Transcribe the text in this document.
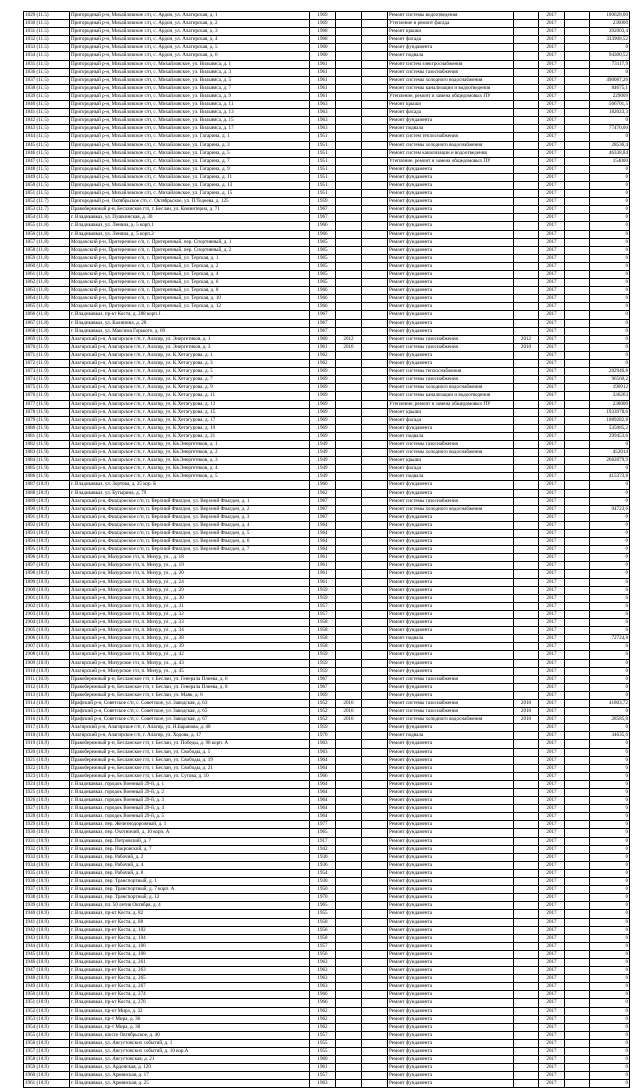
1829 (11.5)	Пригородный р-н, Михайловское с/п, с. Ардон, ул. Алагирская, д. 1	1969			Ремонт системы водоотведения		2017		100628,00
1830 (11.5)	Пригородный р-н, Михайловское с/п, с. Ардон, ул. Алагирская, д. 2	1969			Утепление и ремонт фасада		2017		230000
1831 (11.5)	Пригородный р-н, Михайловское с/п, с. Ардон, ул. Алагирская, д. 3	1968			Ремонт крыши		2017		392003,4
1832 (11.5)	Пригородный р-н, Михайловское с/п, с. Ардон, ул. Алагирская, д. 4	1968			Ремонт фасада		2017		333908,52
1833 (11.5)	Пригородный р-н, Михайловское с/п, с. Ардон, ул. Алагирская, д. 5	1960			Ремонт фундамента		2017		0
1834 (11.5)	Пригородный р-н, Михайловское с/п, с. Ардон, ул. Алагирская, д. 6	1960			Ремонт подвала		2017		94300,52
1835 (11.5)	Пригородный р-н, Михайловское с/п, с. Михайловское, ул. Вильямса, д. 1	1961			Ремонт систем электроснабжения		2017		73117,9
1836 (11.5)	Пригородный р-н, Михайловское с/п, с. Михайловское, ул. Вильямса, д. 3	1961			Ремонт системы газоснабжения		2017		0
1837 (11.5)	Пригородный р-н, Михайловское с/п, с. Михайловское, ул. Вильямса, д. 5	1961			Ремонт системы холодного водоснабжения		2017		490087,26
1838 (11.5)	Пригородный р-н, Михайловское с/п, с. Михайловское, ул. Вильямса, д. 7	1961			Ремонт системы канализации и водоотведения		2017		84675,1
1839 (11.5)	Пригородный р-н, Михайловское с/п, с. Михайловское, ул. Вильямса, д. 9	1961			Утепление, ремонт и замена общедомовых ПУ		2017		229009
1840 (11.5)	Пригородный р-н, Михайловское с/п, с. Михайловское, ул. Вильямса, д. 11	1963			Ремонт крыши		2017		566701,5
1841 (11.5)	Пригородный р-н, Михайловское с/п, с. Михайловское, ул. Вильямса, д. 13	1963			Ремонт фасада		2017		182023,3
1842 (11.5)	Пригородный р-н, Михайловское с/п, с. Михайловское, ул. Вильямса, д. 15	1963			Ремонт фундамента		2017		0
1843 (11.5)	Пригородный р-н, Михайловское с/п, с. Михайловское, ул. Вильямса, д. 17	1963			Ремонт подвала		2017		77470,00
1844 (11.5)	Пригородный р-н, Михайловское с/п, с. Михайловское, ул. Гагарина, д. 1	1951			Ремонт систем теплоснабжения		2017		0
1845 (11.5)	Пригородный р-н, Михайловское с/п, с. Михайловское, ул. Гагарина, д. 3	1951			Ремонт системы холодного водоснабжения		2017		28536,4
1846 (11.5)	Пригородный р-н, Михайловское с/п, с. Михайловское, ул. Гагарина, д. 5	1951			Ремонт систем канализации и водоотведения		2017		46338,84
1847 (11.5)	Пригородный р-н, Михайловское с/п, с. Михайловское, ул. Гагарина, д. 7	1951			Утепление, ремонт и замена общедомовых ПУ		2017		154000
1848 (11.5)	Пригородный р-н, Михайловское с/п, с. Михайловское, ул. Гагарина, д. 9	1951			Ремонт фундамента		2017		0
1849 (11.5)	Пригородный р-н, Михайловское с/п, с. Михайловское, ул. Гагарина, д. 11	1951			Ремонт фундамента		2017		0
1850 (11.5)	Пригородный р-н, Михайловское с/п, с. Михайловское, ул. Гагарина, д. 13	1951			Ремонт фундамента		2017		0
1851 (11.5)	Пригородный р-н, Михайловское с/п, с. Михайловское, ул. Гагарина, д. 15	1951			Ремонт фундамента		2017		0
1852 (11.7)	Пригородный р-н, Октябрьское с/п, с. Октябрьское, ул. П.Тедеева, д. 125	1959			Ремонт фундамента		2017		0
1853 (11.7)	Правобережный р-н, Бесланское г/п, г. Беслан, ул. Коминтерна, д. 71	1967			Ремонт фундамента		2017		0
1854 (11.8)	г. Владикавказ, ул. Пушкинская, д. 30	1967			Ремонт фундамента		2017		0
1855 (11.8)	г. Владикавказ, ул. Ленина, д. 5 корп.1	1966			Ремонт фундамента		2017		0
1856 (11.8)	г. Владикавказ, ул. Ленина, д. 5 корп.2	1966			Ремонт фундамента		2017		0
1857 (11.8)	Моздокский р-н, Притеречное с/п, с. Притеречный, пер. Спортивный, д. 1	1965			Ремонт фундамента		2017		0
1858 (11.8)	Моздокский р-н, Притеречное с/п, с. Притеречный, пер. Спортивный, д. 2	1965			Ремонт фундамента		2017		0
1859 (11.8)	Моздокский р-н, Притеречное с/п, с. Притеречный, ул. Терская, д. 1	1965			Ремонт фундамента		2017		0
1860 (11.8)	Моздокский р-н, Притеречное с/п, с. Притеречный, ул. Терская, д. 2	1965			Ремонт фундамента		2017		0
1861 (11.8)	Моздокский р-н, Притеречное с/п, с. Притеречный, ул. Терская, д. 4	1965			Ремонт фундамента		2017		0
1862 (11.8)	Моздокский р-н, Притеречное с/п, с. Притеречный, ул. Терская, д. 6	1965			Ремонт фундамента		2017		0
1863 (11.8)	Моздокский р-н, Притеречное с/п, с. Притеречный, ул. Терская, д. 8	1966			Ремонт фундамента		2017		0
1864 (11.8)	Моздокский р-н, Притеречное с/п, с. Притеречный, ул. Терская, д. 10	1966			Ремонт фундамента		2017		0
1865 (11.8)	Моздокский р-н, Притеречное с/п, с. Притеречный, ул. Терская, д. 12	1966			Ремонт фундамента		2017		0
1866 (11.8)	г. Владикавказ, пр-кт Коста, д. 288 корп.1	1967			Ремонт фундамента		2017		0
1867 (11.8)	г. Владикавказ, ул. Калинина, д. 28	1967			Ремонт фундамента		2017		0
1868 (11.8)	г. Владикавказ, ул. Максима Горького, д. 69	1967			Ремонт фундамента		2017		0
1869 (11.9)	Алагирский р-н, Алагирское г/п, г. Алагир, ул. Энергетиков, д. 1	1960	2012		Ремонт системы газоснабжения	2012	2017		0
1870 (11.9)	Алагирский р-н, Алагирское г/п, г. Алагир, ул. Энергетиков, д. 3	1961	2010		Ремонт системы газоснабжения	2010	2017		0
1871 (11.9)	Алагирский р-н, Алагирское г/п, г. Алагир, ул. К.Хетагурова, д. 1	1962			Ремонт фундамента		2017		0
1872 (11.9)	Алагирский р-н, Алагирское г/п, г. Алагир, ул. К.Хетагурова, д. 3	1962			Ремонт фундамента		2017		0
1873 (11.9)	Алагирский р-н, Алагирское г/п, г. Алагир, ул. К.Хетагурова, д. 5	1969			Ремонт системы теплоснабжения		2017		282946,8
1874 (11.9)	Алагирский р-н, Алагирское г/п, г. Алагир, ул. К.Хетагурова, д. 7	1969			Ремонт системы газоснабжения		2017		96560,2
1875 (11.9)	Алагирский р-н, Алагирское г/п, г. Алагир, ул. К.Хетагурова, д. 9	1969			Ремонт системы холодного водоснабжения		2017		190912
1876 (11.9)	Алагирский р-н, Алагирское г/п, г. Алагир, ул. К.Хетагурова, д. 11	1969			Ремонт системы канализации и водоотведения		2017		336263
1877 (11.9)	Алагирский р-н, Алагирское г/п, г. Алагир, ул. К.Хетагурова, д. 13	1969			Утепление, ремонт и замена общедомовых ПУ		2017		238000
1878 (11.9)	Алагирский р-н, Алагирское г/п, г. Алагир, ул. К.Хетагурова, д. 15	1969			Ремонт крыши		2017		1933978,6
1879 (11.9)	Алагирский р-н, Алагирское г/п, г. Алагир, ул. К.Хетагурова, д. 17	1969			Ремонт фасада		2017		1089282,8
1880 (11.9)	Алагирский р-н, Алагирское г/п, г. Алагир, ул. К.Хетагурова, д. 19	1969			Ремонт фундамента		2017		535085,2
1881 (11.9)	Алагирский р-н, Алагирское г/п, г. Алагир, ул. К.Хетагурова, д. 21	1969			Ремонт подвала		2017		299453,6
1882 (11.9)	Алагирский р-н, Алагирское г/п, г. Алагир, ул. Кв.Энергетиков, д. 1	1949			Ремонт системы газоснабжения		2017		0
1883 (11.9)	Алагирский р-н, Алагирское г/п, г. Алагир, ул. Кв.Энергетиков, д. 2	1949			Ремонт системы холодного водоснабжения		2017		452014
1884 (11.9)	Алагирский р-н, Алагирское г/п, г. Алагир, ул. Кв.Энергетиков, д. 3	1949			Ремонт крыши		2017		2682879,9
1885 (11.9)	Алагирский р-н, Алагирское г/п, г. Алагир, ул. Кв.Энергетиков, д. 4	1949			Ремонт фасада		2017		0
1886 (11.9)	Алагирский р-н, Алагирское г/п, г. Алагир, ул. Кв.Энергетиков, д. 5	1949			Ремонт подвала		2017		415373,8
1887 (10.9)	г. Владикавказ, ул. Зортова, д. 25 кор. Б	1966			Ремонт фундамента		2017		0
1888 (10.9)	г. Владикавказ, ул. Бутырина, д. 79	1962			Ремонт фундамента		2017		0
1889 (10.9)	Алагирский р-н, Фиагдонское с/п, п. Верхний Фиагдон, ул. Верхний Фиагдон, д. 1	1967			Ремонт системы газоснабжения		2017		0
1890 (10.9)	Алагирский р-н, Фиагдонское с/п, п. Верхний Фиагдон, ул. Верхний Фиагдон, д. 2	1967			Ремонт системы холодного водоснабжения		2017		94723,6
1891 (10.9)	Алагирский р-н, Фиагдонское с/п, п. Верхний Фиагдон, ул. Верхний Фиагдон, д. 3	1967			Ремонт фундамента		2017		0
1892 (10.9)	Алагирский р-н, Фиагдонское с/п, п. Верхний Фиагдон, ул. Верхний Фиагдон, д. 4	1964			Ремонт фундамента		2017		0
1893 (10.9)	Алагирский р-н, Фиагдонское с/п, п. Верхний Фиагдон, ул. Верхний Фиагдон, д. 5	1964			Ремонт фундамента		2017		0
1894 (10.9)	Алагирский р-н, Фиагдонское с/п, п. Верхний Фиагдон, ул. Верхний Фиагдон, д. 6	1964			Ремонт фундамента		2017		0
1895 (10.9)	Алагирский р-н, Фиагдонское с/п, п. Верхний Фиагдон, ул. Верхний Фиагдон, д. 7	1964			Ремонт фундамента		2017		0
1896 (10.9)	Алагирский р-н, Мизурское г/п, п. Мизур, ул. , д. 18	1961			Ремонт фундамента		2017		0
1897 (10.9)	Алагирский р-н, Мизурское г/п, п. Мизур, ул. , д. 19	1961			Ремонт фундамента		2017		0
1898 (10.9)	Алагирский р-н, Мизурское г/п, п. Мизур, ул. , д. 20	1961			Ремонт фундамента		2017		0
1899 (10.9)	Алагирский р-н, Мизурское г/п, п. Мизур, ул. , д. 24	1961			Ремонт фундамента		2017		0
1900 (10.9)	Алагирский р-н, Мизурское г/п, п. Мизур, ул. , д. 29	1959			Ремонт фундамента		2017		0
1901 (10.9)	Алагирский р-н, Мизурское г/п, п. Мизур, ул. , д. 30	1959			Ремонт фундамента		2017		0
1902 (10.9)	Алагирский р-н, Мизурское г/п, п. Мизур, ул. , д. 31	1957			Ремонт фундамента		2017		0
1903 (10.9)	Алагирский р-н, Мизурское г/п, п. Мизур, ул. , д. 32	1957			Ремонт фундамента		2017		0
1904 (10.9)	Алагирский р-н, Мизурское г/п, п. Мизур, ул. , д. 33	1958			Ремонт фундамента		2017		0
1905 (10.9)	Алагирский р-н, Мизурское г/п, п. Мизур, ул. , д. 34	1958			Ремонт фундамента		2017		0
1906 (10.9)	Алагирский р-н, Мизурское г/п, п. Мизур, ул. , д. 38	1958			Ремонт подвала		2017		72724,8
1907 (10.9)	Алагирский р-н, Мизурское г/п, п. Мизур, ул. , д. 39	1958			Ремонт фундамента		2017		0
1908 (10.9)	Алагирский р-н, Мизурское г/п, п. Мизур, ул. , д. 42	1959			Ремонт фундамента		2017		0
1909 (10.9)	Алагирский р-н, Мизурское г/п, п. Мизур, ул. , д. 43	1959			Ремонт фундамента		2017		0
1910 (10.9)	Алагирский р-н, Мизурское г/п, п. Мизур, ул. , д. 45	1959			Ремонт фундамента		2017		0
1911 (10.9)	Правобережный р-н, Бесланское г/п, г. Беслан, ул. Генерала Плиева, д. 6	1967			Ремонт системы газоснабжения		2017		0
1912 (10.9)	Правобережный р-н, Бесланское г/п, г. Беслан, ул. Генерала Плиева, д. 8	1967			Ремонт фундамента		2017		0
1913 (10.9)	Правобережный р-н, Бесланское г/п, г. Беслан, ул. Маяк, д. 6	1969			Ремонт фундамента		2017		0
1914 (10.9)	Ирафский р-н, Советское с/п, с. Советское, ул. Заводская, д. 63	1952	2010		Ремонт системы газоснабжения	2010	2017		41803,72
1915 (10.9)	Ирафский р-н, Советское с/п, с. Советское, ул. Заводская, д. 65	1952	2010		Ремонт системы газоснабжения	2010	2017		0
1916 (10.9)	Ирафский р-н, Советское с/п, с. Советское, ул. Заводская, д. 67	1952	2010		Ремонт системы холодного водоснабжения	2010	2017		28585,8
1917 (10.9)	Алагирский р-н, Алагирское г/п, г. Алагир, ул. Н.Баранова, д. 48	1959			Ремонт фундамента		2017		0
1918 (10.9)	Алагирский р-н, Алагирское г/п, г. Алагир, ул. Ходова, д. 17	1970			Ремонт подвала		2017		34635,6
1919 (10.9)	Правобережный р-н, Бесланское г/п, г. Беслан, ул. Победы, д. 98 корп. А	1963			Ремонт фундамента		2017		0
1920 (10.9)	Правобережный р-н, Бесланское г/п, г. Беслан, ул. Свободы, д. 5	1963			Ремонт фундамента		2017		0
1921 (10.9)	Правобережный р-н, Бесланское г/п, г. Беслан, ул. Свободы, д. 19	1964			Ремонт фундамента		2017		0
1922 (10.9)	Правобережный р-н, Бесланское г/п, г. Беслан, ул. Свободы, д. 21	1964			Ремонт фундамента		2017		0
1923 (10.9)	Правобережный р-н, Бесланское г/п, г. Беслан, ул. Сутова, д. 10	1966			Ремонт фундамента		2017		0
1924 (10.9)	г. Владикавказ, городок Военный 29-й, д. 1	1964			Ремонт фундамента		2017		0
1925 (10.9)	г. Владикавказ, городок Военный 29-й, д. 2	1964			Ремонт фундамента		2017		0
1926 (10.9)	г. Владикавказ, городок Военный 29-й, д. 3	1964			Ремонт фундамента		2017		0
1927 (10.9)	г. Владикавказ, городок Военный 29-й, д. 4	1964			Ремонт фундамента		2017		0
1928 (10.9)	г. Владикавказ, городок Военный 29-й, д. 5	1964			Ремонт фундамента		2017		0
1929 (10.9)	г. Владикавказ, пер. Железнодорожный, д. 1	1977			Ремонт фундамента		2017		0
1930 (10.9)	г. Владикавказ, пер. Охотничий, д. 10 корп. А	1965			Ремонт фундамента		2017		0
1931 (10.9)	г. Владикавказ, пер. Петровский, д. 7	1917			Ремонт фундамента		2017		0
1932 (10.9)	г. Владикавказ, пер. Покровский, д. 7	1942			Ремонт фундамента		2017		0
1933 (10.9)	г. Владикавказ, пер. Рабочий, д. 2	1930			Ремонт фундамента		2017		0
1934 (10.9)	г. Владикавказ, пер. Рабочий, д. 4	1936			Ремонт фундамента		2017		0
1935 (10.9)	г. Владикавказ, пер. Рабочий, д. 8	1954			Ремонт фундамента		2017		0
1936 (10.9)	г. Владикавказ, пер. Транспортный, д. 1	1930			Ремонт фундамента		2017		0
1937 (10.9)	г. Владикавказ, пер. Транспортный, д. 7 корп. А	1950			Ремонт фундамента		2017		0
1938 (10.9)	г. Владикавказ, пер. Транспортный, д. 12	1970			Ремонт фундамента		2017		0
1939 (10.9)	г. Владикавказ, пл. 50 летия Октября, д. 4	1965			Ремонт фундамента		2017		0
1940 (10.9)	г. Владикавказ, пр-кт Коста, д. 82	1955			Ремонт фундамента		2017		0
1941 (10.9)	г. Владикавказ, пр-кт Коста, д. 88	1958			Ремонт фундамента		2017		0
1942 (10.9)	г. Владикавказ, пр-кт Коста, д. 102	1956			Ремонт фундамента		2017		0
1943 (10.9)	г. Владикавказ, пр-кт Коста, д. 104	1958			Ремонт фундамента		2017		0
1944 (10.9)	г. Владикавказ, пр-кт Коста, д. 106	1957			Ремонт фундамента		2017		0
1945 (10.9)	г. Владикавказ, пр-кт Коста, д. 108	1956			Ремонт фундамента		2017		0
1946 (10.9)	г. Владикавказ, пр-кт Коста, д. 261	1963			Ремонт фундамента		2017		0
1947 (10.9)	г. Владикавказ, пр-кт Коста, д. 263	1963			Ремонт фундамента		2017		0
1948 (10.9)	г. Владикавказ, пр-кт Коста, д. 265	1963			Ремонт фундамента		2017		0
1949 (10.9)	г. Владикавказ, пр-кт Коста, д. 267	1963			Ремонт фундамента		2017		0
1950 (10.9)	г. Владикавказ, пр-кт Коста, д. 274	1966			Ремонт фундамента		2017		0
1951 (10.9)	г. Владикавказ, пр-кт Коста, д. 276	1966			Ремонт фундамента		2017		0
1952 (10.9)	г. Владикавказ, пр-кт Мира, д. 32	1962			Ремонт фундамента		2017		0
1953 (10.9)	г. Владикавказ, пр-т Мира, д. 36	1962			Ремонт фундамента		2017		0
1954 (10.9)	г. Владикавказ, пр-т Мира, д. 38	1962			Ремонт фундамента		2017		0
1955 (10.9)	г. Владикавказ, шоссе Октябрьское, д. 40	1957			Ремонт фундамента		2017		0
1956 (10.9)	г. Владикавказ, ул. Августовских событий, д. 1	1955			Ремонт фундамента		2017		0
1957 (10.9)	г. Владикавказ, ул. Августовских событий, д. 10 кор.А	1955			Ремонт фундамента		2017		0
1958 (10.9)	г. Владикавказ, ул. Августовская, д. 21	1960			Ремонт фундамента		2017		0
1959 (10.9)	г. Владикавказ, ул. Ардонская, д. 120	1961			Ремонт фундамента		2017		0
1960 (10.9)	г. Владикавказ, ул. Армянская, д. 17	1957			Ремонт фундамента		2017		0
1961 (10.9)	г. Владикавказ, ул. Армянская, д. 25	1963			Ремонт фундамента		2017		0
